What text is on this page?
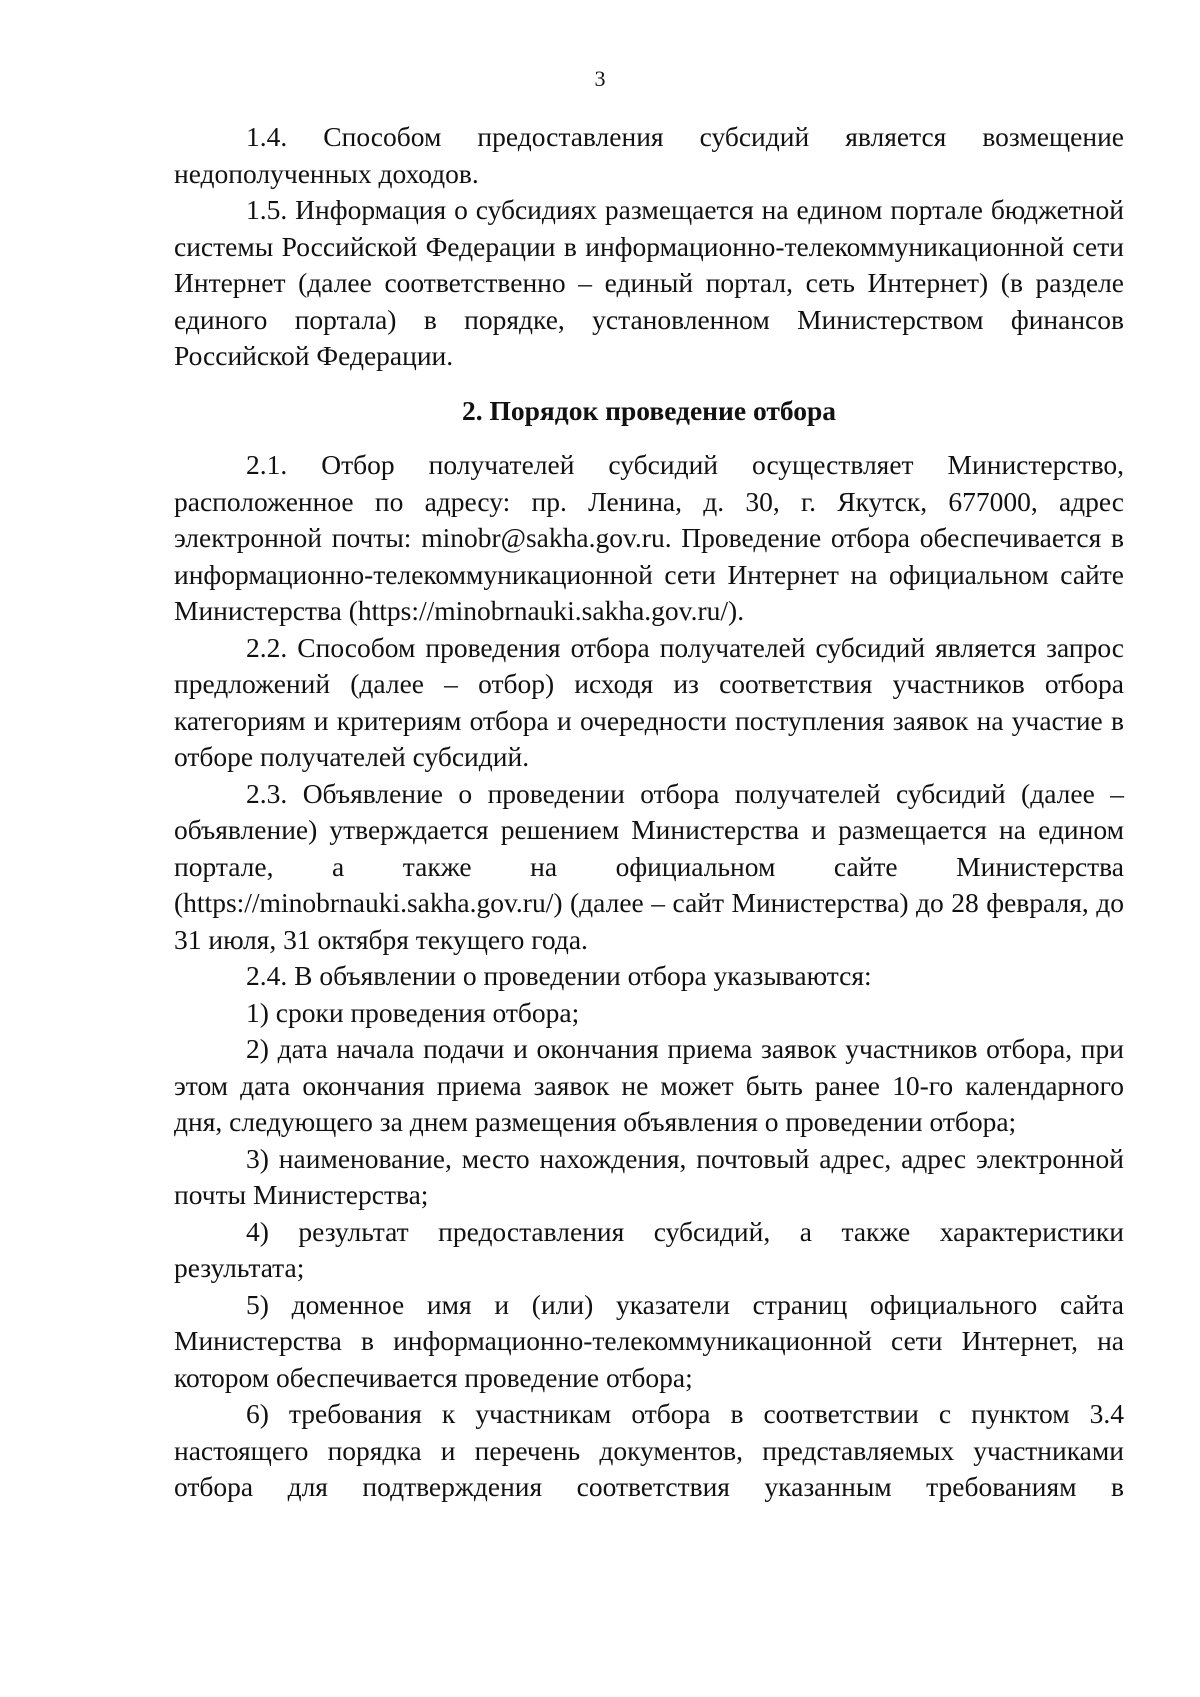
3

1.4. Способом предоставления субсидий является возмещение недополученных доходов.

1.5. Информация о субсидиях размещается на едином портале бюджетной системы Российской Федерации в информационно-телекоммуникационной сети Интернет (далее соответственно – единый портал, сеть Интернет) (в разделе единого портала) в порядке, установленном Министерством финансов Российской Федерации.

2. Порядок проведение отбора

2.1. Отбор получателей субсидий осуществляет Министерство, расположенное по адресу: пр. Ленина, д. 30, г. Якутск, 677000, адрес электронной почты: minobr@sakha.gov.ru. Проведение отбора обеспечивается в информационно-телекоммуникационной сети Интернет на официальном сайте Министерства (https://minobrnauki.sakha.gov.ru/).

2.2. Способом проведения отбора получателей субсидий является запрос предложений (далее – отбор) исходя из соответствия участников отбора категориям и критериям отбора и очередности поступления заявок на участие в отборе получателей субсидий.

2.3. Объявление о проведении отбора получателей субсидий (далее – объявление) утверждается решением Министерства и размещается на едином портале, а также на официальном сайте Министерства (https://minobrnauki.sakha.gov.ru/) (далее – сайт Министерства) до 28 февраля, до 31 июля, 31 октября текущего года.

2.4. В объявлении о проведении отбора указываются:

1) сроки проведения отбора;

2) дата начала подачи и окончания приема заявок участников отбора, при этом дата окончания приема заявок не может быть ранее 10-го календарного дня, следующего за днем размещения объявления о проведении отбора;

3) наименование, место нахождения, почтовый адрес, адрес электронной почты Министерства;

4) результат предоставления субсидий, а также характеристики результата;

5) доменное имя и (или) указатели страниц официального сайта Министерства в информационно-телекоммуникационной сети Интернет, на котором обеспечивается проведение отбора;

6) требования к участникам отбора в соответствии с пунктом 3.4 настоящего порядка и перечень документов, представляемых участниками отбора для подтверждения соответствия указанным требованиям в
